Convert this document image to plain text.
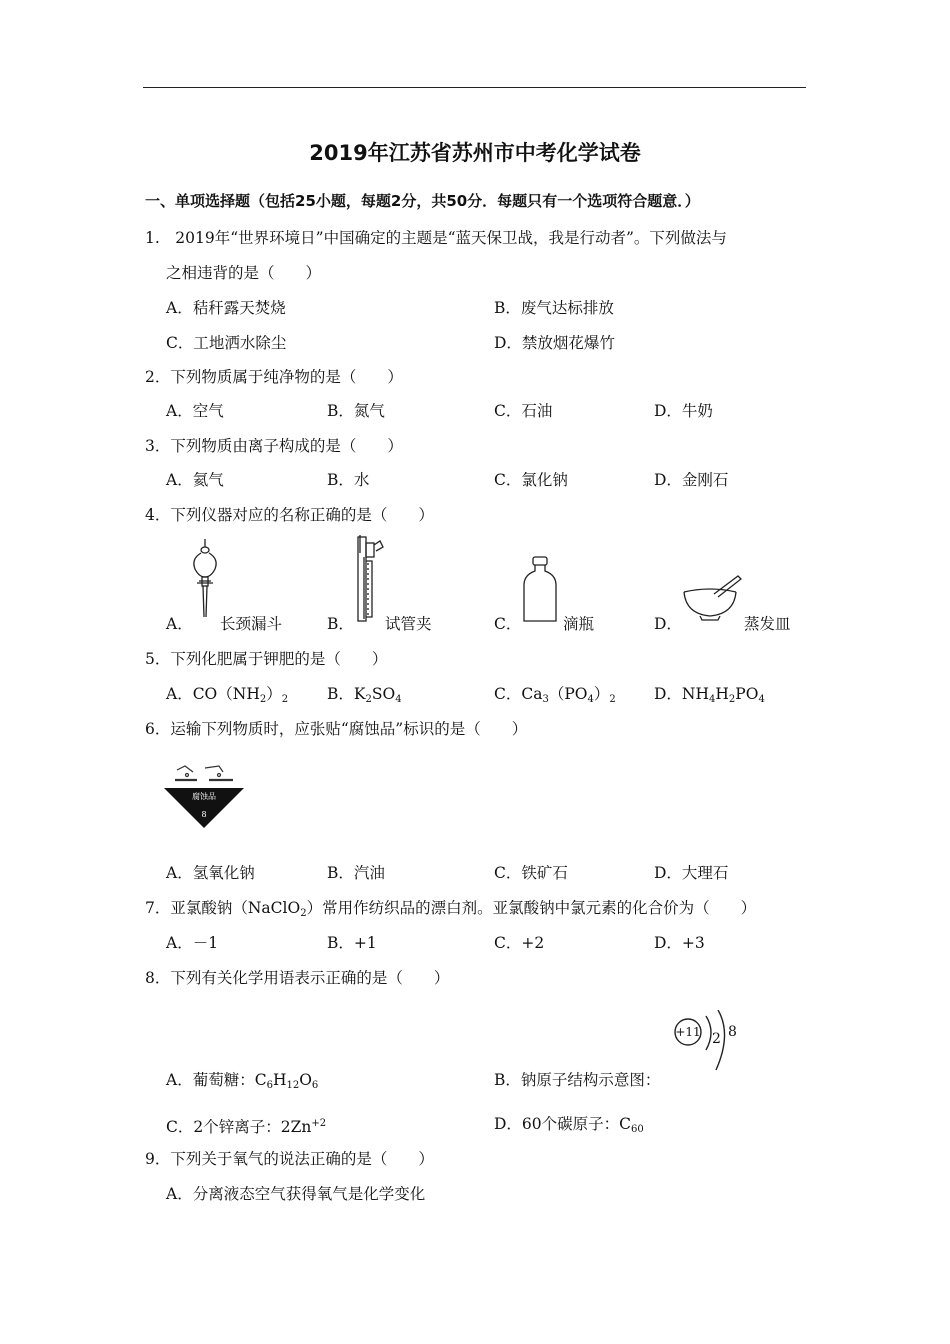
2019年江苏省苏州市中考化学试卷
一、单项选择题（包括25小题，每题2分，共50分．每题只有一个选项符合题意．）
1.　2019年“世界环境日”中国确定的主题是“蓝天保卫战，我是行动者”。下列做法与
之相违背的是（　　）
A．秸秆露天焚烧	B．废气达标排放
C．工地洒水除尘	D．禁放烟花爆竹
2．下列物质属于纯净物的是（　　）
A．空气	B．氮气	C．石油	D．牛奶
3．下列物质由离子构成的是（　　）
A．氦气	B．水	C．氯化钠	D．金刚石
4．下列仪器对应的名称正确的是（　　）
A． 长颈漏斗	B． 试管夹	C．	滴瓶	D．	蒸发皿
5．下列化肥属于钾肥的是（　　）
A．$CO(NH_2)_2$	B．$K_2SO_4$	C．$Ca_3(PO_4)_2$ D．$NH_4H_2PO_4$
6．运输下列物质时，应张贴“腐蚀品”标识的是（　　）
腐蚀品
8
A．氢氧化钠	B．汽油	C．铁矿石	D．大理石
7．亚氯酸钠（NaClO$_2$）常用作纺织品的漂白剂。亚氯酸钠中氯元素的化合价为（　　）
A．－1	B．+1	C．+2	D．+3
8．下列有关化学用语表示正确的是（　　）
+11 2 8
A．葡萄糖：$C_6H_{12}O_6$	B．钠原子结构示意图：
C．2个锌离子：$2Zn^{+2}$	D．60个碳原子：$C_{60}$
9．下列关于氧气的说法正确的是（　　）
A．分离液态空气获得氧气是化学变化
